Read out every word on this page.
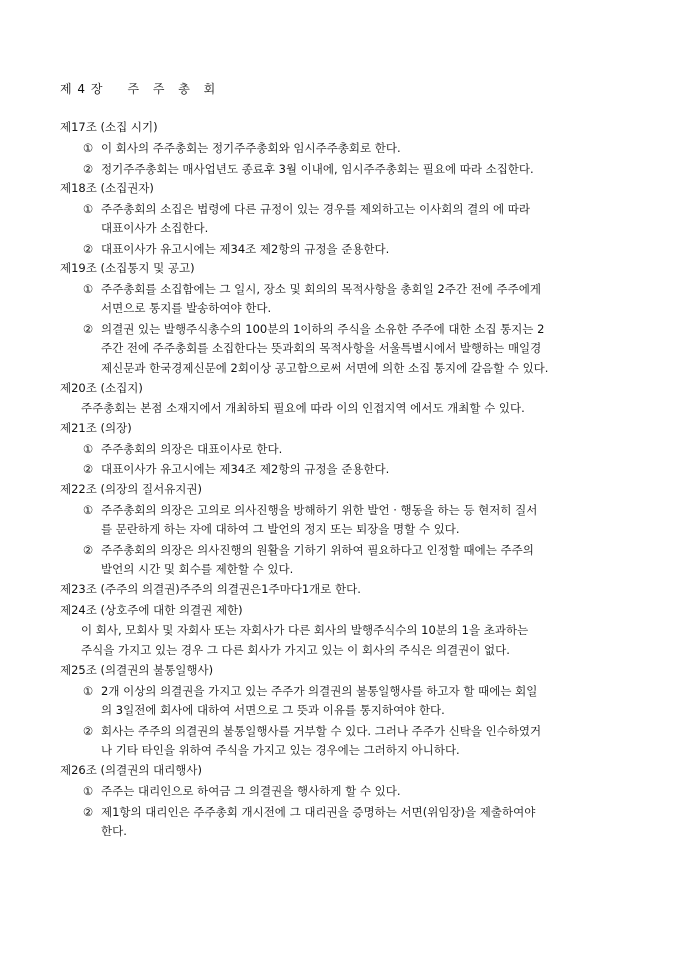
제 4 장 주 주 총 회
제17조 (소집 시기)
① 이 회사의 주주총회는 정기주주총회와 임시주주총회로 한다.
② 정기주주총회는 매사업년도 종료후 3월 이내에, 임시주주총회는 필요에 따라 소집한다.
제18조 (소집권자)
① 주주총회의 소집은 법령에 다른 규정이 있는 경우를 제외하고는 이사회의 결의 에 따라
대표이사가 소집한다.
② 대표이사가 유고시에는 제34조 제2항의 규정을 준용한다.
제19조 (소집통지 및 공고)
① 주주총회를 소집함에는 그 일시, 장소 및 회의의 목적사항을 총회일 2주간 전에 주주에게
서면으로 통지를 발송하여야 한다.
② 의결권 있는 발행주식총수의 100분의 1이하의 주식을 소유한 주주에 대한 소집 통지는 2
주간 전에 주주총회를 소집한다는 뜻과회의 목적사항을 서울특별시에서 발행하는 매일경
제신문과 한국경제신문에 2회이상 공고함으로써 서면에 의한 소집 통지에 갈음할 수 있다.
제20조 (소집지)
주주총회는 본점 소재지에서 개최하되 필요에 따라 이의 인접지역 에서도 개최할 수 있다.
제21조 (의장)
① 주주총회의 의장은 대표이사로 한다.
② 대표이사가 유고시에는 제34조 제2항의 규정을 준용한다.
제22조 (의장의 질서유지권)
① 주주총회의 의장은 고의로 의사진행을 방해하기 위한 발언 · 행동을 하는 등 현저히 질서
를 문란하게 하는 자에 대하여 그 발언의 정지 또는 퇴장을 명할 수 있다.
② 주주총회의 의장은 의사진행의 원활을 기하기 위하여 필요하다고 인정할 때에는 주주의
발언의 시간 및 회수를 제한할 수 있다.
제23조 (주주의 의결권)주주의 의결권은1주마다1개로 한다.
제24조 (상호주에 대한 의결권 제한)
이 회사, 모회사 및 자회사 또는 자회사가 다른 회사의 발행주식수의 10분의 1을 초과하는
주식을 가지고 있는 경우 그 다른 회사가 가지고 있는 이 회사의 주식은 의결권이 없다.
제25조 (의결권의 불통일행사)
① 2개 이상의 의결권을 가지고 있는 주주가 의결권의 불통일행사를 하고자 할 때에는 회일
의 3일전에 회사에 대하여 서면으로 그 뜻과 이유를 통지하여야 한다.
② 회사는 주주의 의결권의 불통일행사를 거부할 수 있다. 그러나 주주가 신탁을 인수하였거
나 기타 타인을 위하여 주식을 가지고 있는 경우에는 그러하지 아니하다.
제26조 (의결권의 대리행사)
① 주주는 대리인으로 하여금 그 의결권을 행사하게 할 수 있다.
② 제1항의 대리인은 주주총회 개시전에 그 대리권을 증명하는 서면(위임장)을 제출하여야
한다.
